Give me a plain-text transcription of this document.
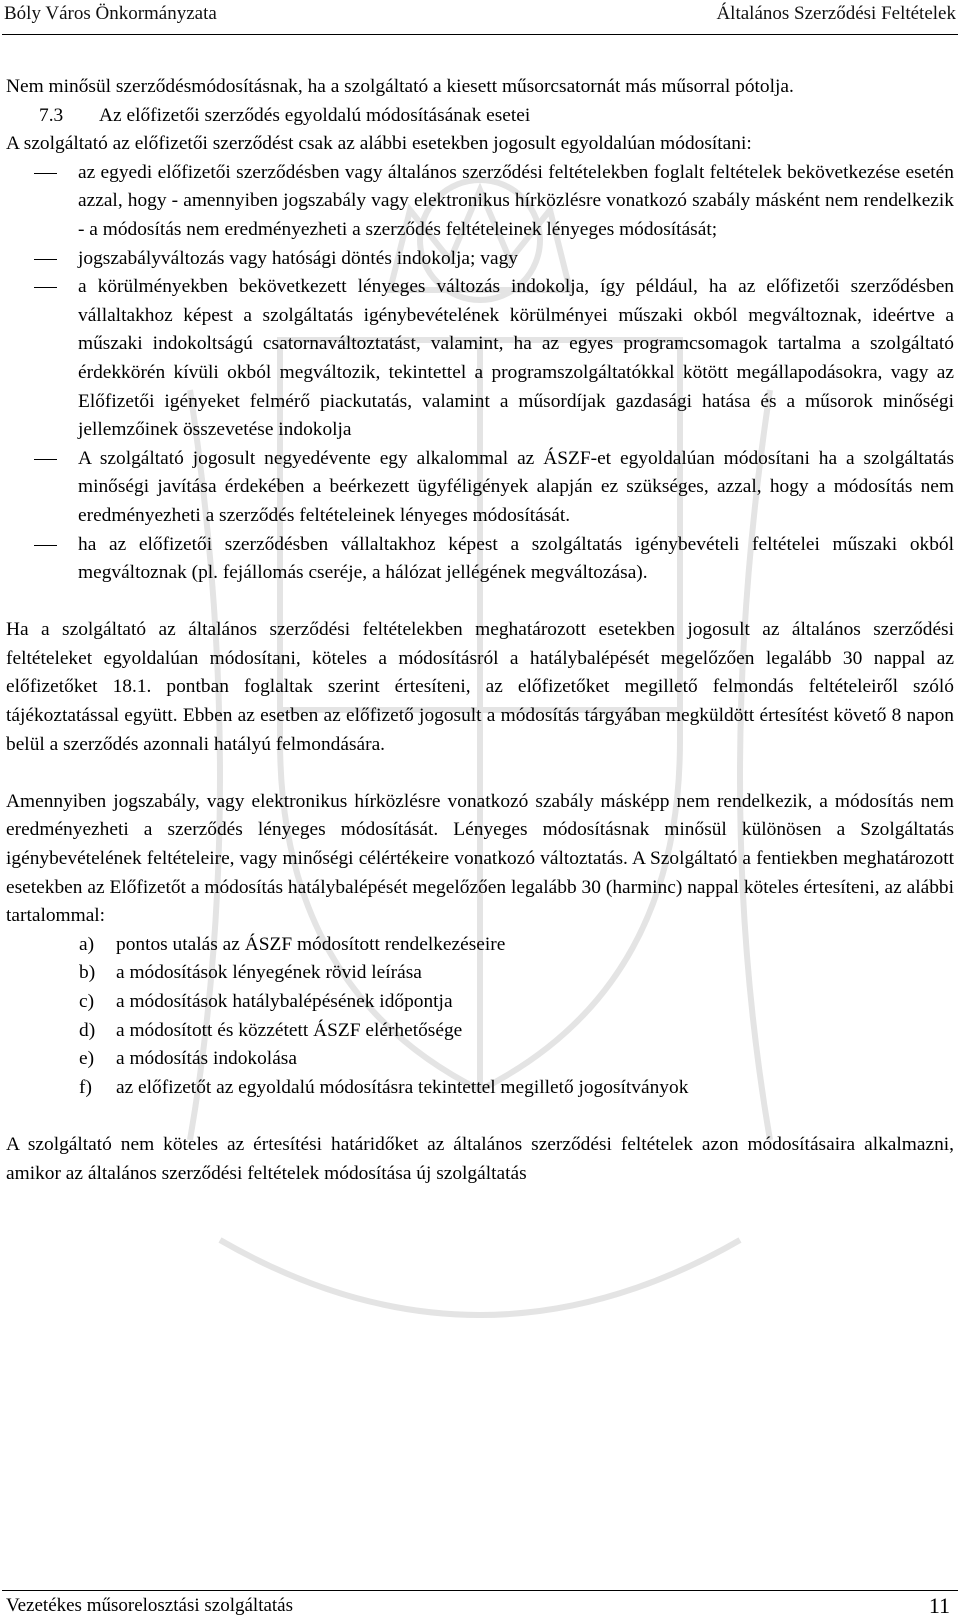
Bóly Város Önkormányzata	Általános Szerződési Feltételek

Nem minősül szerződésmódosításnak, ha a szolgáltató a kiesett műsorcsatornát más műsorral pótolja.

7.3 Az előfizetői szerződés egyoldalú módosításának esetei

A szolgáltató az előfizetői szerződést csak az alábbi esetekben jogosult egyoldalúan módosítani:

az egyedi előfizetői szerződésben vagy általános szerződési feltételekben foglalt feltételek bekövetkezése esetén azzal, hogy - amennyiben jogszabály vagy elektronikus hírközlésre vonatkozó szabály másként nem rendelkezik - a módosítás nem eredményezheti a szerződés feltételeinek lényeges módosítását;
jogszabályváltozás vagy hatósági döntés indokolja; vagy
a körülményekben bekövetkezett lényeges változás indokolja, így például, ha az előfizetői szerződésben vállaltakhoz képest a szolgáltatás igénybevételének körülményei műszaki okból megváltoznak, ideértve a műszaki indokoltságú csatornaváltoztatást, valamint, ha az egyes programcsomagok tartalma a szolgáltató érdekkörén kívüli okból megváltozik, tekintettel a programszolgáltatókkal kötött megállapodásokra, vagy az Előfizetői igényeket felmérő piackutatás, valamint a műsordíjak gazdasági hatása és a műsorok minőségi jellemzőinek összevetése indokolja
A szolgáltató jogosult negyedévente egy alkalommal az ÁSZF-et egyoldalúan módosítani ha a szolgáltatás minőségi javítása érdekében a beérkezett ügyféligények alapján ez szükséges, azzal, hogy a módosítás nem eredményezheti a szerződés feltételeinek lényeges módosítását.
ha az előfizetői szerződésben vállaltakhoz képest a szolgáltatás igénybevételi feltételei műszaki okból megváltoznak (pl. fejállomás cseréje, a hálózat jellégének megváltozása).

Ha a szolgáltató az általános szerződési feltételekben meghatározott esetekben jogosult az általános szerződési feltételeket egyoldalúan módosítani, köteles a módosításról a hatálybalépését megelőzően legalább 30 nappal az előfizetőket 18.1. pontban foglaltak szerint értesíteni, az előfizetőket megillető felmondás feltételeiről szóló tájékoztatással együtt. Ebben az esetben az előfizető jogosult a módosítás tárgyában megküldött értesítést követő 8 napon belül a szerződés azonnali hatályú felmondására.

Amennyiben jogszabály, vagy elektronikus hírközlésre vonatkozó szabály másképp nem rendelkezik, a módosítás nem eredményezheti a szerződés lényeges módosítását. Lényeges módosításnak minősül különösen a Szolgáltatás igénybevételének feltételeire, vagy minőségi célértékeire vonatkozó változtatás. A Szolgáltató a fentiekben meghatározott esetekben az Előfizetőt a módosítás hatálybalépését megelőzően legalább 30 (harminc) nappal köteles értesíteni, az alábbi tartalommal:

a) pontos utalás az ÁSZF módosított rendelkezéseire
b) a módosítások lényegének rövid leírása
c) a módosítások hatálybalépésének időpontja
d) a módosított és közzétett ÁSZF elérhetősége
e) a módosítás indokolása
f) az előfizetőt az egyoldalú módosításra tekintettel megillető jogosítványok

A szolgáltató nem köteles az értesítési határidőket az általános szerződési feltételek azon módosításaira alkalmazni, amikor az általános szerződési feltételek módosítása új szolgáltatás

Vezetékes műsorelosztási szolgáltatás	11
